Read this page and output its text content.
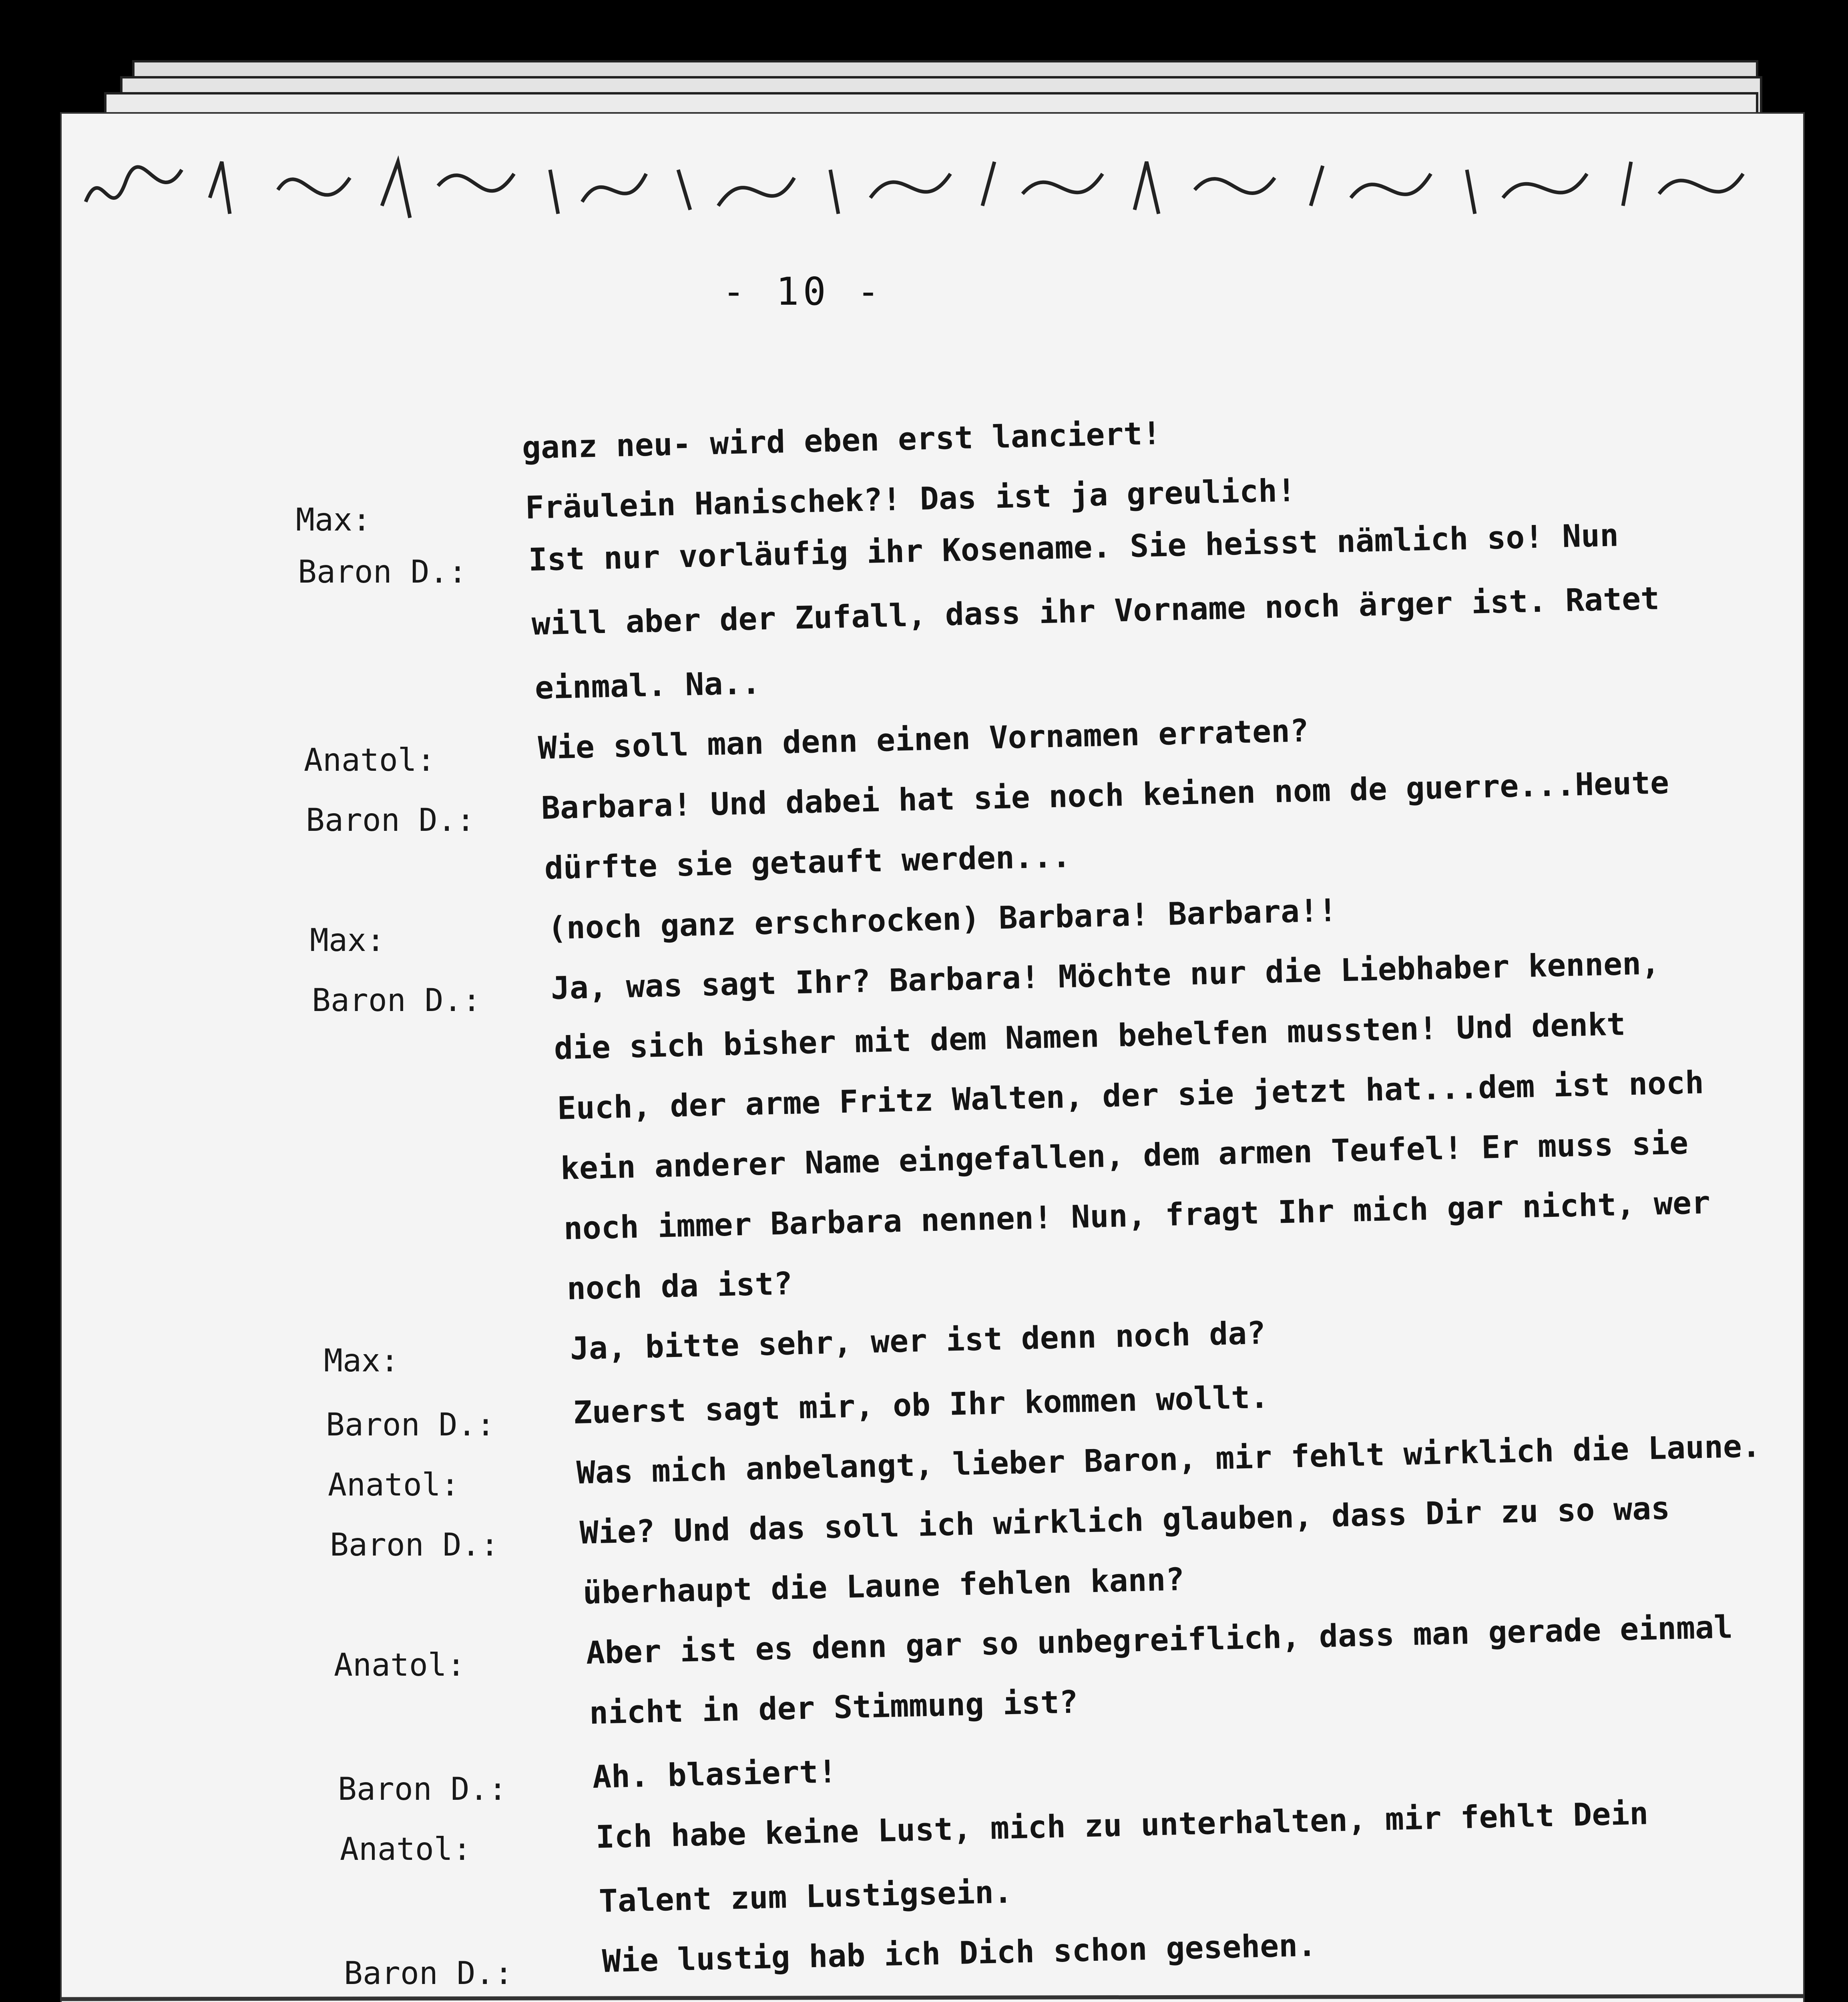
- 10 -
ganz neu- wird eben erst lanciert!
Max:	Fräulein Hanischek?! Das ist ja greulich!
Baron D.: Ist nur vorläufig ihr Kosename. Sie heisst nämlich so! Nun
will aber der Zufall, dass ihr Vorname noch ärger ist. Ratet
einmal. Na..
Anatol:	Wie soll man denn einen Vornamen erraten?
Baron D.: Barbara! Und dabei hat sie noch keinen nom de guerre...Heute
dürfte sie getauft werden...
Max:	(noch ganz erschrocken) Barbara! Barbara!!
Baron D.: Ja, was sagt Ihr? Barbara! Möchte nur die Liebhaber kennen,
die sich bisher mit dem Namen behelfen mussten! Und denkt
Euch, der arme Fritz Walten, der sie jetzt hat...dem ist noch
kein anderer Name eingefallen, dem armen Teufel! Er muss sie
noch immer Barbara nennen! Nun, fragt Ihr mich gar nicht, wer
noch da ist?
Max:	Ja, bitte sehr, wer ist denn noch da?
Baron D.: Zuerst sagt mir, ob Ihr kommen wollt.
Anatol:	Was mich anbelangt, lieber Baron, mir fehlt wirklich die Laune.
Baron D.:	Wie? Und das soll ich wirklich glauben, dass Dir zu so was
überhaupt die Laune fehlen kann?
Anatol:	Aber ist es denn gar so unbegreiflich, dass man gerade einmal
nicht in der Stimmung ist?
Baron D.:	Ah. blasiert!
Anatol:	Ich habe keine Lust, mich zu unterhalten, mir fehlt Dein
Talent zum Lustigsein.
Baron D.:	Wie lustig hab ich Dich schon gesehen.
